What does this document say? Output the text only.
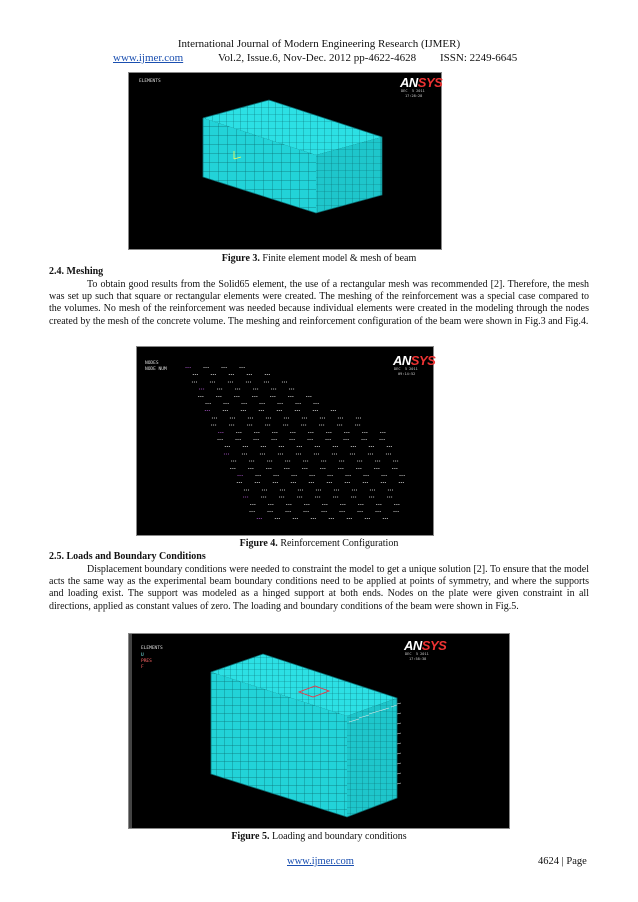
International Journal of Modern Engineering Research (IJMER)
www.ijmer.com	Vol.2, Issue.6, Nov-Dec. 2012 pp-4622-4628 ISSN: 2249-6645
ELEMENTS	ANSYS
DEC  5 2011
17:28:28
Figure 3. Finite element model & mesh of beam
2.4. Meshing
To obtain good results from the Solid65 element, the use of a rectangular mesh was recommended [2]. Therefore, the mesh was set up such that square or rectangular elements were created. The meshing of the reinforcement was a special case compared to the volumes. No mesh of the reinforcement was needed because individual elements were created in the modeling through the nodes created by the mesh of the concrete volume. The meshing and reinforcement configuration of the beam were shown in Fig.3 and Fig.4.
NODES
NODE NUM
ANSYS
DEC  5 2011
09:14:52
•••	•••	•••	•••
•••	•••	•••	•••	•••
•••	•••	•••	•••	•••	•••
•••	•••	•••	•••	•••	•••
•••	•••	•••	•••	•••	•••	•••
•••	•••	•••	•••	•••	•••	•••
•••	•••	•••	•••	•••	•••	•••	•••
•••	•••	•••	•••	•••	•••	•••	•••	•••
•••	•••	•••	•••	•••	•••	•••	•••	•••
•••	•••	•••	•••	•••	•••	•••	•••	•••	•••
•••	•••	•••	•••	•••	•••	•••	•••	•••	•••
•••	•••	•••	•••	•••	•••	•••	•••	•••	•••
•••	•••	•••	•••	•••	•••	•••	•••	•••	•••
•••	•••	•••	•••	•••	•••	•••	•••	•••	•••
•••	•••	•••	•••	•••	•••	•••	•••	•••	•••
•••	•••	•••	•••	•••	•••	•••	•••	•••	•••
•••	•••	•••	•••	•••	•••	•••	•••	•••	•••
•••	•••	•••	•••	•••	•••	•••	•••	•••
•••	•••	•••	•••	•••	•••	•••	•••	•••
•••	•••	•••	•••	•••	•••	•••	•••	•••
•••	•••	•••	•••	•••	•••	•••	•••	•••
•••	•••	•••	•••	•••	•••	•••	•••
Figure 4. Reinforcement Configuration
2.5. Loads and Boundary Conditions
Displacement boundary conditions were needed to constraint the model to get a unique solution [2]. To ensure that the model acts the same way as the experimental beam boundary conditions need to be applied at points of symmetry, and where the supports and loading exist. The support was modeled as a hinged support at both ends. Nodes on the plate were given constraint in all directions, applied as constant values of zero. The loading and boundary conditions of the beam were shown in Fig.5.
ELEMENTS
U
PRES
F
ANSYS
DEC  5 2011
17:58:38
Figure 5. Loading and boundary conditions
www.ijmer.com	4624 | Page
